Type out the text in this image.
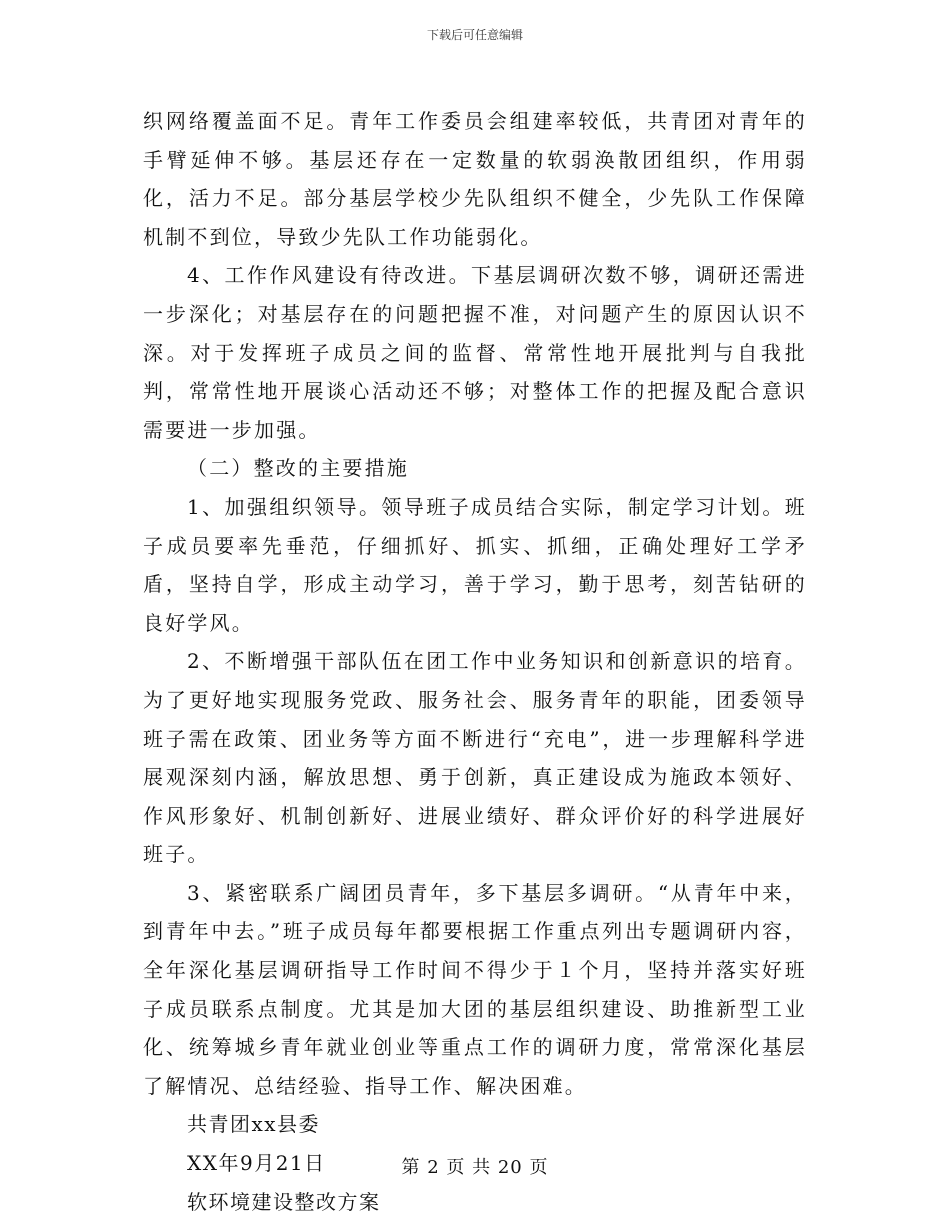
下载后可任意编辑

织网络覆盖面不足。青年工作委员会组建率较低，共青团对青年的手臂延伸不够。基层还存在一定数量的软弱涣散团组织，作用弱化，活力不足。部分基层学校少先队组织不健全，少先队工作保障机制不到位，导致少先队工作功能弱化。

4、工作作风建设有待改进。下基层调研次数不够，调研还需进一步深化；对基层存在的问题把握不准，对问题产生的原因认识不深。对于发挥班子成员之间的监督、常常性地开展批判与自我批判，常常性地开展谈心活动还不够；对整体工作的把握及配合意识需要进一步加强。

（二）整改的主要措施

1、加强组织领导。领导班子成员结合实际，制定学习计划。班子成员要率先垂范，仔细抓好、抓实、抓细，正确处理好工学矛盾，坚持自学，形成主动学习，善于学习，勤于思考，刻苦钻研的良好学风。

2、不断增强干部队伍在团工作中业务知识和创新意识的培育。为了更好地实现服务党政、服务社会、服务青年的职能，团委领导班子需在政策、团业务等方面不断进行“充电”，进一步理解科学进展观深刻内涵，解放思想、勇于创新，真正建设成为施政本领好、作风形象好、机制创新好、进展业绩好、群众评价好的科学进展好班子。

3、紧密联系广阔团员青年，多下基层多调研。“从青年中来，到青年中去。”班子成员每年都要根据工作重点列出专题调研内容，全年深化基层调研指导工作时间不得少于１个月，坚持并落实好班子成员联系点制度。尤其是加大团的基层组织建设、助推新型工业化、统筹城乡青年就业创业等重点工作的调研力度，常常深化基层了解情况、总结经验、指导工作、解决困难。

共青团xx县委

XX年9月21日

软环境建设整改方案

第 2 页 共 20 页
